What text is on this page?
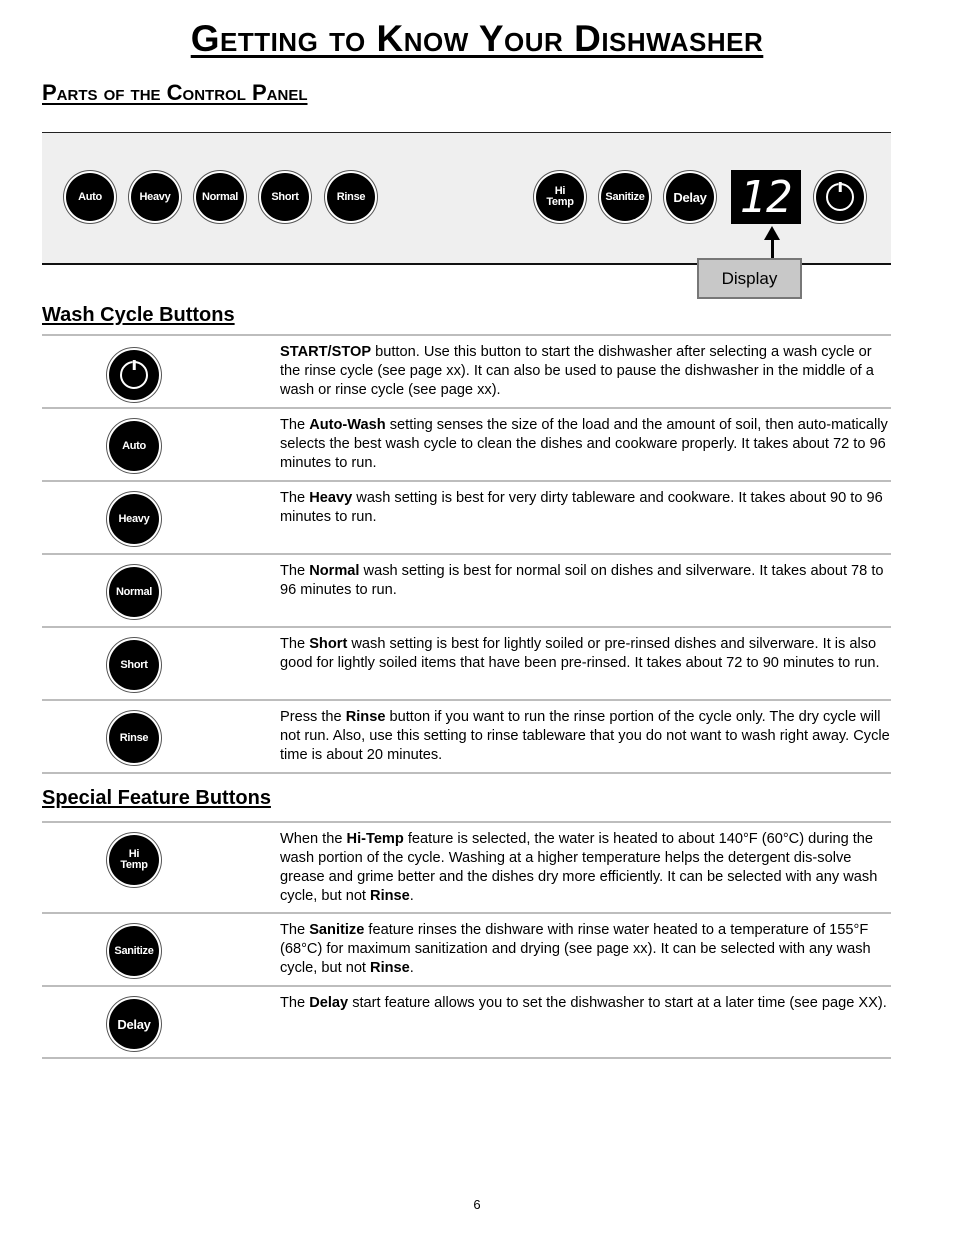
Getting to Know Your Dishwasher
Parts of the Control Panel
Auto	Heavy	Normal	Short	Rinse	Hi
Temp	Sanitize	Delay 12
Display
Wash Cycle Buttons
START/STOP button. Use this button to start the dishwasher after selecting a wash cycle or the rinse cycle (see page xx). It can also be used to pause the dishwasher in the middle of a wash or rinse cycle (see page xx).
Auto
The Auto-Wash setting senses the size of the load and the amount of soil, then auto-matically selects the best wash cycle to clean the dishes and cookware properly. It takes about 72 to 96 minutes to run.
Heavy
The Heavy wash setting is best for very dirty tableware and cookware. It takes about 90 to 96 minutes to run.
Normal
The Normal wash setting is best for normal soil on dishes and silverware. It takes about 78 to 96 minutes to run.
Short
The Short wash setting is best for lightly soiled or pre-rinsed dishes and silverware. It is also good for lightly soiled items that have been pre-rinsed. It takes about 72 to 90 minutes to run.
Rinse
Press the Rinse button if you want to run the rinse portion of the cycle only. The dry cycle will not run. Also, use this setting to rinse tableware that you do not want to wash right away. Cycle time is about 20 minutes.
Special Feature Buttons
Hi
Temp
When the Hi-Temp feature is selected, the water is heated to about 140°F (60°C) during the wash portion of the cycle. Washing at a higher temperature helps the detergent dis-solve grease and grime better and the dishes dry more efficiently. It can be selected with any wash cycle, but not Rinse.
Sanitize
The Sanitize feature rinses the dishware with rinse water heated to a temperature of 155°F (68°C) for maximum sanitization and drying (see page xx). It can be selected with any wash cycle, but not Rinse.
Delay
The Delay start feature allows you to set the dishwasher to start at a later time (see page XX).
6
